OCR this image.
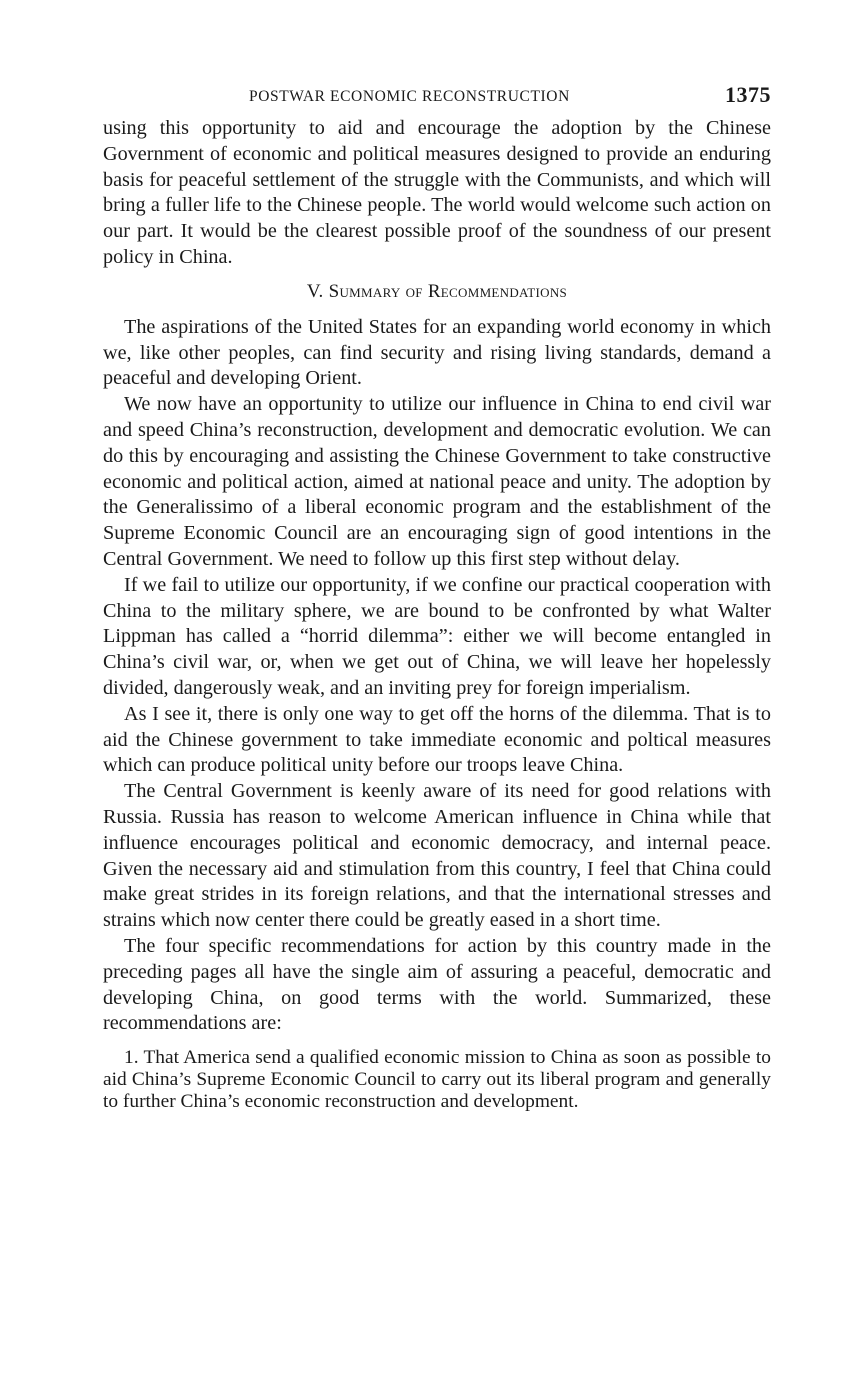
POSTWAR ECONOMIC RECONSTRUCTION	1375

using this opportunity to aid and encourage the adoption by the Chinese Government of economic and political measures designed to provide an enduring basis for peaceful settlement of the struggle with the Communists, and which will bring a fuller life to the Chinese people. The world would welcome such action on our part. It would be the clearest possible proof of the soundness of our present policy in China.

V. Summary of Recommendations

The aspirations of the United States for an expanding world economy in which we, like other peoples, can find security and rising living standards, demand a peaceful and developing Orient.

We now have an opportunity to utilize our influence in China to end civil war and speed China’s reconstruction, development and democratic evolution. We can do this by encouraging and assisting the Chinese Government to take constructive economic and political action, aimed at national peace and unity. The adoption by the Generalissimo of a liberal economic program and the establishment of the Supreme Economic Council are an encouraging sign of good intentions in the Central Government. We need to follow up this first step without delay.

If we fail to utilize our opportunity, if we confine our practical cooperation with China to the military sphere, we are bound to be confronted by what Walter Lippman has called a “horrid dilemma”: either we will become entangled in China’s civil war, or, when we get out of China, we will leave her hopelessly divided, dangerously weak, and an inviting prey for foreign imperialism.

As I see it, there is only one way to get off the horns of the dilemma. That is to aid the Chinese government to take immediate economic and poltical measures which can produce political unity before our troops leave China.

The Central Government is keenly aware of its need for good relations with Russia. Russia has reason to welcome American influence in China while that influence encourages political and economic democracy, and internal peace. Given the necessary aid and stimulation from this country, I feel that China could make great strides in its foreign relations, and that the international stresses and strains which now center there could be greatly eased in a short time.

The four specific recommendations for action by this country made in the preceding pages all have the single aim of assuring a peaceful, democratic and developing China, on good terms with the world. Summarized, these recommendations are:

1. That America send a qualified economic mission to China as soon as possible to aid China’s Supreme Economic Council to carry out its liberal program and generally to further China’s economic reconstruction and development.
